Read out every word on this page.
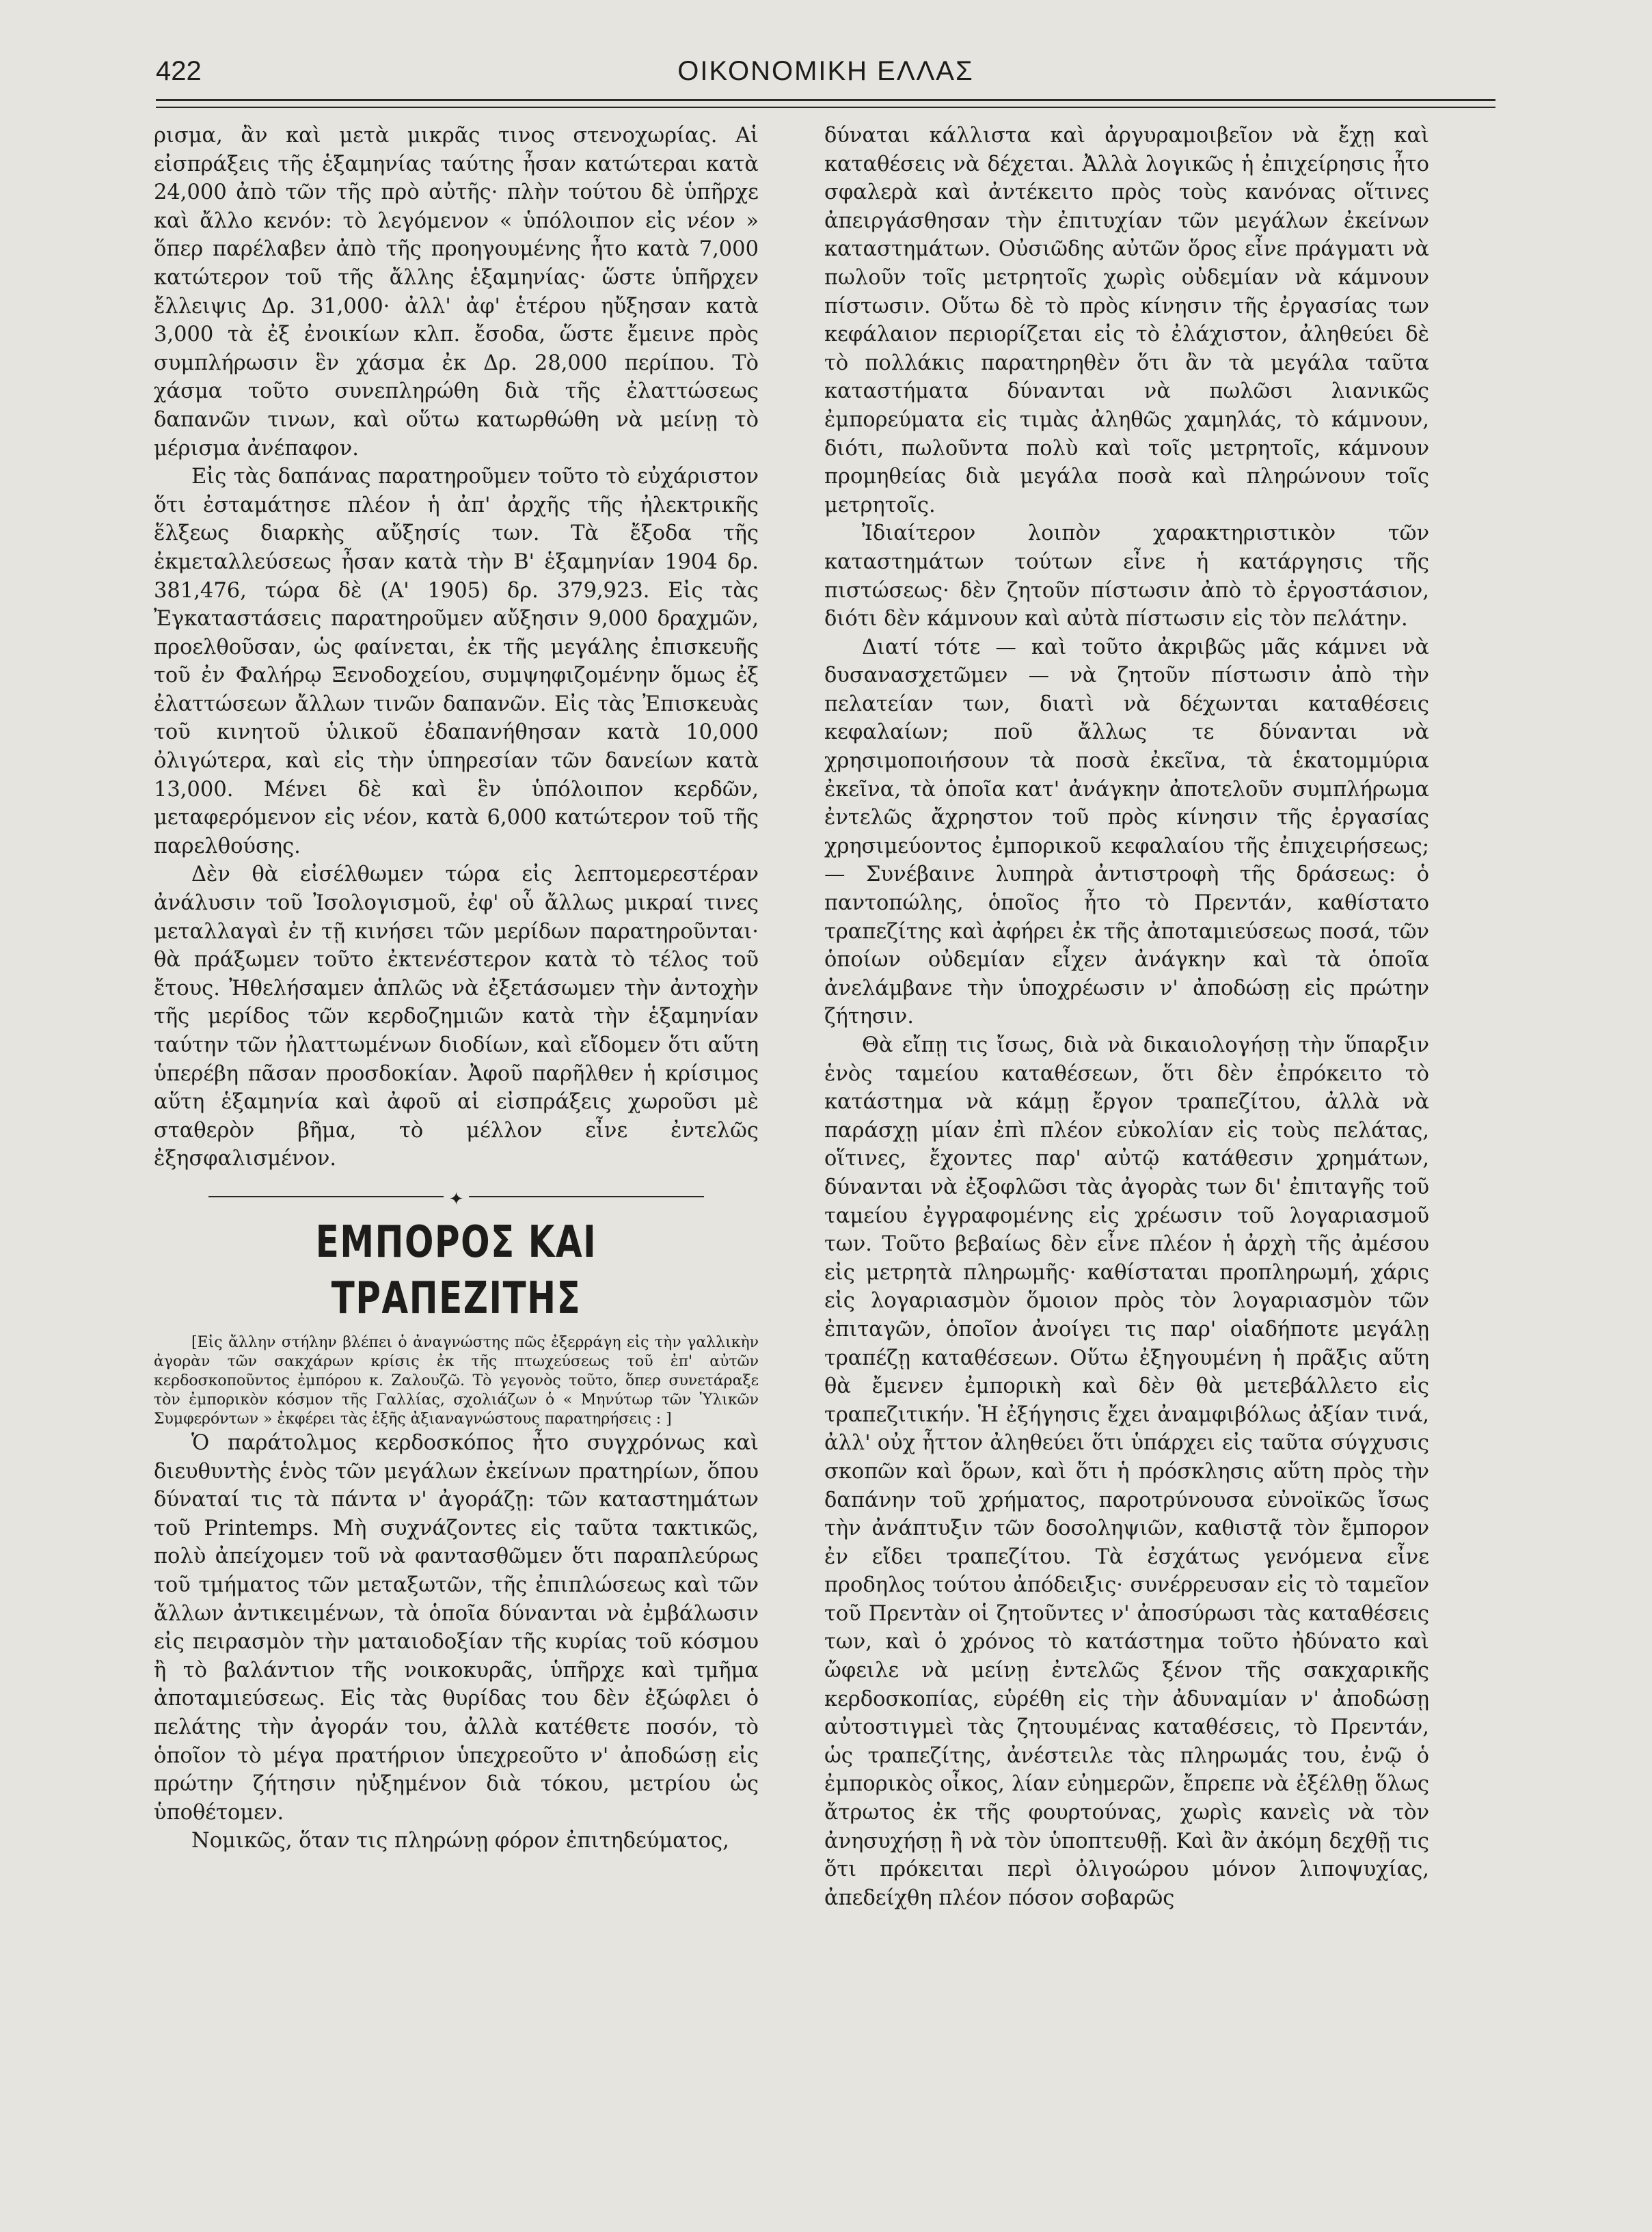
422	ΟΙΚΟΝΟΜΙΚΗ ΕΛΛΑΣ

ρισμα, ἂν καὶ μετὰ μικρᾶς τινος στενοχωρίας. Αἱ εἰσπράξεις τῆς ἑξαμηνίας ταύτης ἦσαν κατώτεραι κατὰ 24,000 ἀπὸ τῶν τῆς πρὸ αὐτῆς· πλὴν τούτου δὲ ὑπῆρχε καὶ ἄλλο κενόν: τὸ λεγόμενον « ὑπόλοιπον εἰς νέον » ὅπερ παρέλαβεν ἀπὸ τῆς προηγουμένης ἦτο κατὰ 7,000 κατώτερον τοῦ τῆς ἄλλης ἑξαμηνίας· ὥστε ὑπῆρχεν ἔλλειψις Δρ. 31,000· ἀλλ' ἀφ' ἑτέρου ηὔξησαν κατὰ 3,000 τὰ ἐξ ἐνοικίων κλπ. ἔσοδα, ὥστε ἔμεινε πρὸς συμπλήρωσιν ἓν χάσμα ἐκ Δρ. 28,000 περίπου. Τὸ χάσμα τοῦτο συνεπληρώθη διὰ τῆς ἐλαττώσεως δαπανῶν τινων, καὶ οὕτω κατωρθώθη νὰ μείνῃ τὸ μέρισμα ἀνέπαφον.

Εἰς τὰς δαπάνας παρατηροῦμεν τοῦτο τὸ εὐχάριστον ὅτι ἐσταμάτησε πλέον ἡ ἀπ' ἀρχῆς τῆς ἠλεκτρικῆς ἕλξεως διαρκὴς αὔξησίς των. Τὰ ἔξοδα τῆς ἐκμεταλλεύσεως ἦσαν κατὰ τὴν Β' ἑξαμηνίαν 1904 δρ. 381,476, τώρα δὲ (Α' 1905) δρ. 379,923. Εἰς τὰς Ἐγκαταστάσεις παρατηροῦμεν αὔξησιν 9,000 δραχμῶν, προελθοῦσαν, ὡς φαίνεται, ἐκ τῆς μεγάλης ἐπισκευῆς τοῦ ἐν Φαλήρῳ Ξενοδοχείου, συμψηφιζομένην ὅμως ἐξ ἐλαττώσεων ἄλλων τινῶν δαπανῶν. Εἰς τὰς Ἐπισκευὰς τοῦ κινητοῦ ὑλικοῦ ἐδαπανήθησαν κατὰ 10,000 ὀλιγώτερα, καὶ εἰς τὴν ὑπηρεσίαν τῶν δανείων κατὰ 13,000. Μένει δὲ καὶ ἓν ὑπόλοιπον κερδῶν, μεταφερόμενον εἰς νέον, κατὰ 6,000 κατώτερον τοῦ τῆς παρελθούσης.

Δὲν θὰ εἰσέλθωμεν τώρα εἰς λεπτομερεστέραν ἀνάλυσιν τοῦ Ἰσολογισμοῦ, ἐφ' οὗ ἄλλως μικραί τινες μεταλλαγαὶ ἐν τῇ κινήσει τῶν μερίδων παρατηροῦνται· θὰ πράξωμεν τοῦτο ἐκτενέστερον κατὰ τὸ τέλος τοῦ ἔτους. Ἠθελήσαμεν ἁπλῶς νὰ ἐξετάσωμεν τὴν ἀντοχὴν τῆς μερίδος τῶν κερδοζημιῶν κατὰ τὴν ἑξαμηνίαν ταύτην τῶν ἠλαττωμένων διοδίων, καὶ εἴδομεν ὅτι αὕτη ὑπερέβη πᾶσαν προσδοκίαν. Ἀφοῦ παρῆλθεν ἡ κρίσιμος αὕτη ἑξαμηνία καὶ ἀφοῦ αἱ εἰσπράξεις χωροῦσι μὲ σταθερὸν βῆμα, τὸ μέλλον εἶνε ἐντελῶς ἐξησφαλισμένον.

✦
ΕΜΠΟΡΟΣ ΚΑΙ ΤΡΑΠΕΖΙΤΗΣ

[Εἰς ἄλλην στήλην βλέπει ὁ ἀναγνώστης πῶς ἐξερράγη εἰς τὴν γαλλικὴν ἀγορὰν τῶν σακχάρων κρίσις ἐκ τῆς πτωχεύσεως τοῦ ἐπ' αὐτῶν κερδοσκοποῦντος ἐμπόρου κ. Ζαλουζῶ. Τὸ γεγονὸς τοῦτο, ὅπερ συνετάραξε τὸν ἐμπορικὸν κόσμον τῆς Γαλλίας, σχολιάζων ὁ « Μηνύτωρ τῶν Ὑλικῶν Συμφερόντων » ἐκφέρει τὰς ἑξῆς ἀξιαναγνώστους παρατηρήσεις : ]

Ὁ παράτολμος κερδοσκόπος ἦτο συγχρόνως καὶ διευθυντὴς ἑνὸς τῶν μεγάλων ἐκείνων πρατηρίων, ὅπου δύναταί τις τὰ πάντα ν' ἀγοράζῃ: τῶν καταστημάτων τοῦ Printemps. Μὴ συχνάζοντες εἰς ταῦτα τακτικῶς, πολὺ ἀπείχομεν τοῦ νὰ φαντασθῶμεν ὅτι παραπλεύρως τοῦ τμήματος τῶν μεταξωτῶν, τῆς ἐπιπλώσεως καὶ τῶν ἄλλων ἀντικειμένων, τὰ ὁποῖα δύνανται νὰ ἐμβάλωσιν εἰς πειρασμὸν τὴν ματαιοδοξίαν τῆς κυρίας τοῦ κόσμου ἢ τὸ βαλάντιον τῆς νοικοκυρᾶς, ὑπῆρχε καὶ τμῆμα ἀποταμιεύσεως. Εἰς τὰς θυρίδας του δὲν ἐξώφλει ὁ πελάτης τὴν ἀγοράν του, ἀλλὰ κατέθετε ποσόν, τὸ ὁποῖον τὸ μέγα πρατήριον ὑπεχρεοῦτο ν' ἀποδώσῃ εἰς πρώτην ζήτησιν ηὐξημένον διὰ τόκου, μετρίου ὡς ὑποθέτομεν.

Νομικῶς, ὅταν τις πληρώνῃ φόρον ἐπιτηδεύματος,

δύναται κάλλιστα καὶ ἀργυραμοιβεῖον νὰ ἔχῃ καὶ καταθέσεις νὰ δέχεται. Ἀλλὰ λογικῶς ἡ ἐπιχείρησις ἦτο σφαλερὰ καὶ ἀντέκειτο πρὸς τοὺς κανόνας οἵτινες ἀπειργάσθησαν τὴν ἐπιτυχίαν τῶν μεγάλων ἐκείνων καταστημάτων. Οὐσιῶδης αὐτῶν ὅρος εἶνε πράγματι νὰ πωλοῦν τοῖς μετρητοῖς χωρὶς οὐδεμίαν νὰ κάμνουν πίστωσιν. Οὕτω δὲ τὸ πρὸς κίνησιν τῆς ἐργασίας των κεφάλαιον περιορίζεται εἰς τὸ ἐλάχιστον, ἀληθεύει δὲ τὸ πολλάκις παρατηρηθὲν ὅτι ἂν τὰ μεγάλα ταῦτα καταστήματα δύνανται νὰ πωλῶσι λιανικῶς ἐμπορεύματα εἰς τιμὰς ἀληθῶς χαμηλάς, τὸ κάμνουν, διότι, πωλοῦντα πολὺ καὶ τοῖς μετρητοῖς, κάμνουν προμηθείας διὰ μεγάλα ποσὰ καὶ πληρώνουν τοῖς μετρητοῖς.

Ἰδιαίτερον λοιπὸν χαρακτηριστικὸν τῶν καταστημάτων τούτων εἶνε ἡ κατάργησις τῆς πιστώσεως· δὲν ζητοῦν πίστωσιν ἀπὸ τὸ ἐργοστάσιον, διότι δὲν κάμνουν καὶ αὐτὰ πίστωσιν εἰς τὸν πελάτην.

Διατί τότε — καὶ τοῦτο ἀκριβῶς μᾶς κάμνει νὰ δυσανασχετῶμεν — νὰ ζητοῦν πίστωσιν ἀπὸ τὴν πελατείαν των, διατὶ νὰ δέχωνται καταθέσεις κεφαλαίων; ποῦ ἄλλως τε δύνανται νὰ χρησιμοποιήσουν τὰ ποσὰ ἐκεῖνα, τὰ ἑκατομμύρια ἐκεῖνα, τὰ ὁποῖα κατ' ἀνάγκην ἀποτελοῦν συμπλήρωμα ἐντελῶς ἄχρηστον τοῦ πρὸς κίνησιν τῆς ἐργασίας χρησιμεύοντος ἐμπορικοῦ κεφαλαίου τῆς ἐπιχειρήσεως; — Συνέβαινε λυπηρὰ ἀντιστροφὴ τῆς δράσεως: ὁ παντοπώλης, ὁποῖος ἦτο τὸ Πρεντάν, καθίστατο τραπεζίτης καὶ ἀφήρει ἐκ τῆς ἀποταμιεύσεως ποσά, τῶν ὁποίων οὐδεμίαν εἶχεν ἀνάγκην καὶ τὰ ὁποῖα ἀνελάμβανε τὴν ὑποχρέωσιν ν' ἀποδώσῃ εἰς πρώτην ζήτησιν.

Θὰ εἴπῃ τις ἴσως, διὰ νὰ δικαιολογήσῃ τὴν ὕπαρξιν ἑνὸς ταμείου καταθέσεων, ὅτι δὲν ἐπρόκειτο τὸ κατάστημα νὰ κάμῃ ἔργον τραπεζίτου, ἀλλὰ νὰ παράσχῃ μίαν ἐπὶ πλέον εὐκολίαν εἰς τοὺς πελάτας, οἵτινες, ἔχοντες παρ' αὐτῷ κατάθεσιν χρημάτων, δύνανται νὰ ἐξοφλῶσι τὰς ἀγορὰς των δι' ἐπιταγῆς τοῦ ταμείου ἐγγραφομένης εἰς χρέωσιν τοῦ λογαριασμοῦ των. Τοῦτο βεβαίως δὲν εἶνε πλέον ἡ ἀρχὴ τῆς ἀμέσου εἰς μετρητὰ πληρωμῆς· καθίσταται προπληρωμή, χάρις εἰς λογαριασμὸν ὅμοιον πρὸς τὸν λογαριασμὸν τῶν ἐπιταγῶν, ὁποῖον ἀνοίγει τις παρ' οἱαδήποτε μεγάλῃ τραπέζῃ καταθέσεων. Οὕτω ἐξηγουμένη ἡ πρᾶξις αὕτη θὰ ἔμενεν ἐμπορικὴ καὶ δὲν θὰ μετεβάλλετο εἰς τραπεζιτικήν. Ἡ ἐξήγησις ἔχει ἀναμφιβόλως ἀξίαν τινά, ἀλλ' οὐχ ἧττον ἀληθεύει ὅτι ὑπάρχει εἰς ταῦτα σύγχυσις σκοπῶν καὶ ὅρων, καὶ ὅτι ἡ πρόσκλησις αὕτη πρὸς τὴν δαπάνην τοῦ χρήματος, παροτρύνουσα εὐνοϊκῶς ἴσως τὴν ἀνάπτυξιν τῶν δοσοληψιῶν, καθιστᾷ τὸν ἔμπορον ἐν εἴδει τραπεζίτου. Τὰ ἐσχάτως γενόμενα εἶνε προδηλος τούτου ἀπόδειξις· συνέρρευσαν εἰς τὸ ταμεῖον τοῦ Πρεντὰν οἱ ζητοῦντες ν' ἀποσύρωσι τὰς καταθέσεις των, καὶ ὁ χρόνος τὸ κατάστημα τοῦτο ἠδύνατο καὶ ὤφειλε νὰ μείνῃ ἐντελῶς ξένον τῆς σακχαρικῆς κερδοσκοπίας, εὑρέθη εἰς τὴν ἀδυναμίαν ν' ἀποδώσῃ αὐτοστιγμεὶ τὰς ζητουμένας καταθέσεις, τὸ Πρεντάν, ὡς τραπεζίτης, ἀνέστειλε τὰς πληρωμάς του, ἐνῷ ὁ ἐμπορικὸς οἶκος, λίαν εὐημερῶν, ἔπρεπε νὰ ἐξέλθῃ ὅλως ἄτρωτος ἐκ τῆς φουρτούνας, χωρὶς κανεὶς νὰ τὸν ἀνησυχήσῃ ἢ νὰ τὸν ὑποπτευθῇ. Καὶ ἂν ἀκόμη δεχθῇ τις ὅτι πρόκειται περὶ ὀλιγοώρου μόνον λιποψυχίας, ἀπεδείχθη πλέον πόσον σοβαρῶς
